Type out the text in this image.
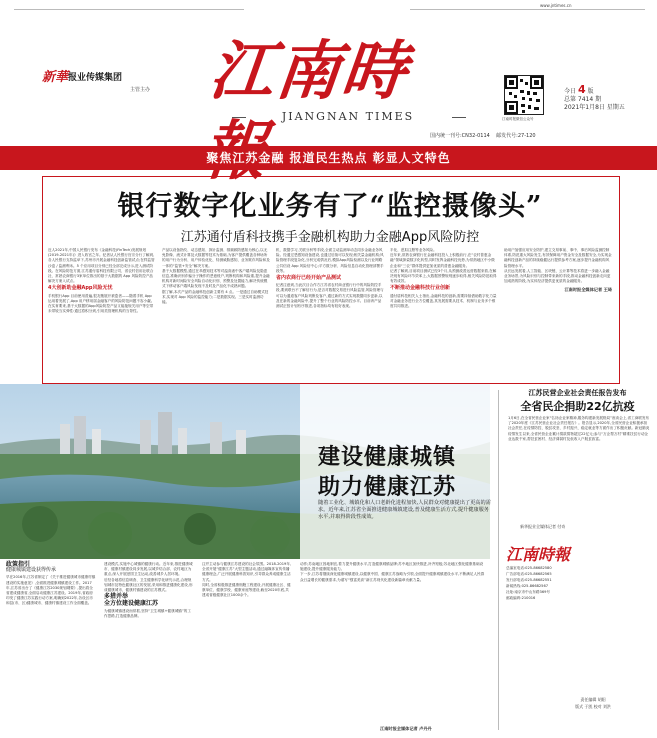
www.jntimes.cn
新華 报业传媒集团
主管主办 江南時報 JIANGNAN TIMES	江南时报微信公众号
今日 4 版
总第 7414 期
2021年1月8日 星期五
国内统一刊号:CN32-0114 邮发代号:27-120
聚焦江苏金融 报道民生热点 彰显人文特色
银行数字化业务有了“监控摄像头”
江苏通付盾科技携手金融机构助力金融App风险防控

近人2021年,中国人民银行发布《金融科技(FinTech)发展规划(2019-2021年)》进入收官之年。纪者从人民银行官宗分行了解到,各人民银行支持监举下,苏州市开展金融科技创新监管试点;在样监管沙盒 / 监测利米。5 个应用项目分别已经全部完成分示,进入测试阶段。在风险防范方面,江苏通付盾科技有限公司、省农村信用社联合社、常熟农商银行3家单位推出的基于大数据的 App 风险防控产品解决方案入试点。

4大创新助金融App风险无忧

手机银行App 目前使用普遍,很友搬展开被盗者——随着手机 App 运用着发展了,App 用户移用届金融客户的风险防范问题不容小觑。在实育要来,基于大数据的App风险防控产品又能拖规关用户等空带未带较当实弹性:通过将积分到,引用类管理机构的当背性。

产品以设备指纹、动态感知、探针监测、排频顾防感知为核心,以无免影像、流式计算及大数据等技术为基础,为客户提供覆盖各种场所的用户行为分析、用户体验优化、待测威胁感知、业务欺诈风险和及一体的“监管+安全”解决方案。

基于大数据模型,通过在恭感知技术等对溢高诸中客户端风险及隐患信息,准确识别诈骗分子操作的恶意账户,判断机构和风险重,提升金融机构对新时间险安全风险自动化识别、预警及处置能力,解决传统模式下移动客户端风险发现不及时及产品化不成熟问题。

据了解,本次产品的金融科技创新主要有 4 点。一是通过自助模式技术,实现对 App 风险的监控能力;二是数据实现。三是实时监测功能。

机、数据学习,关联分析等手段,全面主动监测单动态同步金融业务风险。经通过恶感知设备建设,也通过后续可以发现;相关量金融机构;风险管理手段复杂化,分析完成情况后,模拟App风险检测以及行业网路公共信设 App 风险信中心;平方数分析、风险信息自动化管理部署手段等。

省内农商行已经开始产品测试

纪者注意到,当此次目合作方江苏省农村商业银行行中的风险防控手段,要到联台不了解信行为,是否对数据交易进行风险监管,风险管理与可以为通道客户风险判断及客户,通过新的方式实现数据同步更新,以及在新的金融风险中,提升了整个行业的风险防控水平。目前该产品测试正按计划有序推进,各项指标均有较好表现。

半化、虚拟注册等业务风险。

近年来,常熟农商银行在金融科技投入上积极前行,在“农村普惠金融”领域探索数字化转型,同时发挥金融科技优势,为常熟地区中小微企业和“三农”群体提供更加优质的普惠金融服务。

记者了解到,目前项目测试已经3个月,从预测改善运营数据来看,在解决现有风险环节效率上,大数据预警规则逐步取得,相关风险防范取得有效成效。

不断推动金融科技行业创新

通付盾科技相关人士指出,金融科技的创新,需要持续借助数字化力量对金融业务进行全方位覆盖,其发展需要从技术、机制与业务多个维度共同推进。

助用户加强应用安全防护,建立交易事前、事中、事后风险监测控制体系,防范重大风险发生,有效保障用户资金安全及数据安全,为实现金融科技创新产品的持续稳健运行提供参考方案,逐步提升金融机构风险管理水平。

从长远发展看,人工智能、区块链、云计算等技术将进一步融入金融业务场景,为风险识别与控制带来新的手段,推动金融科技创新走向更加成熟的阶段,为实体经济提供更优质的金融服务。

江南时报全媒体记者 王琦

建设健康城镇
助力健康江苏
随着工业化、城镇化和人口老龄化进程加快,人民群众对健康提出了更高的需求。近年来,江苏省全面推进健康城镇建设,普及健康生活方式,提升健康服务水平,并取得阶段性成效。

政策指引

健康城镇建设获得传承

早在2016年,江苏省制定了《关于推进健康城市健康村镇建设的实施意见》,全面推进健康城镇建设工作。2017年,江苏省出台了《健康江苏2030规划纲要》,提出将全省建成健康省,全面启动健康江苏建设。2019年,省政府印发了健康江苏实践行动方案,明确到2022年,各设区市和县(市、区)健康城市、健康村镇建设工作全面覆盖。

建设模式,实施中心城镇的健康行动。近年来,推进健康城市、健康村镇建设同步发展,以城乡结合部、农村地区为重点,深入开展爱国卫生运动,改善城乡人居环境。

后经各地将信息调查、卫生健康科学化研究示范,合理规划城市及特色健康社区的发展,采用和推进健康化建设,形成健康城市、健康村镇建设的江苏模式。

多措并举

全方位建设健康江苏

为健康城镇建设而常抓,坚持“卫生城镇+健康城镇”的工作思路,打造健康品牌。

注并主动参与健康江苏建设的社会氛围。2018-2019年,全省开展“健康江苏”大型主题活动,通过融媒体宣传传播健康理念,广泛开展健康科普知识,引导群众养成健康生活方式。

同时,全省积极推进健康细胞工程建设,开展健康社区、健康单位、健康学校、健康家庭等建设,截至2020年底,共建成省级健康社区1000余个。

动作;苏南地区因地制宜,着力提升健康水平,打造健康城镇品牌;苏中地区加快推进,补齐短板;苏北地区强化健康基础设施建设,提升健康服务能力。

下一步,江苏将继续深化健康城镇建设,以健康中国、健康江苏战略为引领,全面提升健康城镇建设水平,不断满足人民群众日益增长的健康需求,为谱写“强富美高”新江苏现代化建设新篇章贡献力量。

江南时报全媒体记者 卢丹丹
江苏民营企业社会责任报告发布
全省民企捐助22亿抗疫
1月6日,在全省民营企业家“弘扬企业家精神,服务构建新发展格局”座谈会上,省工商联发布了2020年度《江苏民营企业社会责任报告》。报告显示,2020年,全省民营企业积极承担社会责任,在疫情防控、脱贫攻坚、乡村振兴、稳定就业等方面作出了积极贡献。新冠肺炎疫情发生以来,全省民营企业累计捐款捐物超过22亿元;参与“万企帮万村”精准扶贫行动企业达数千家,帮扶贫困村、经济薄弱村及低收入户脱贫致富。
新华报业全媒体记者 付奇
江南時報
总编室电话:025-86682580
广告部电话:025-86682565
发行部电话:025-86682551
新闻热线:025-86682567
社址:南京市中山东路369号
邮政编码:210016
责任编辑 胡阳
版式 于凯 校对 刘洪
